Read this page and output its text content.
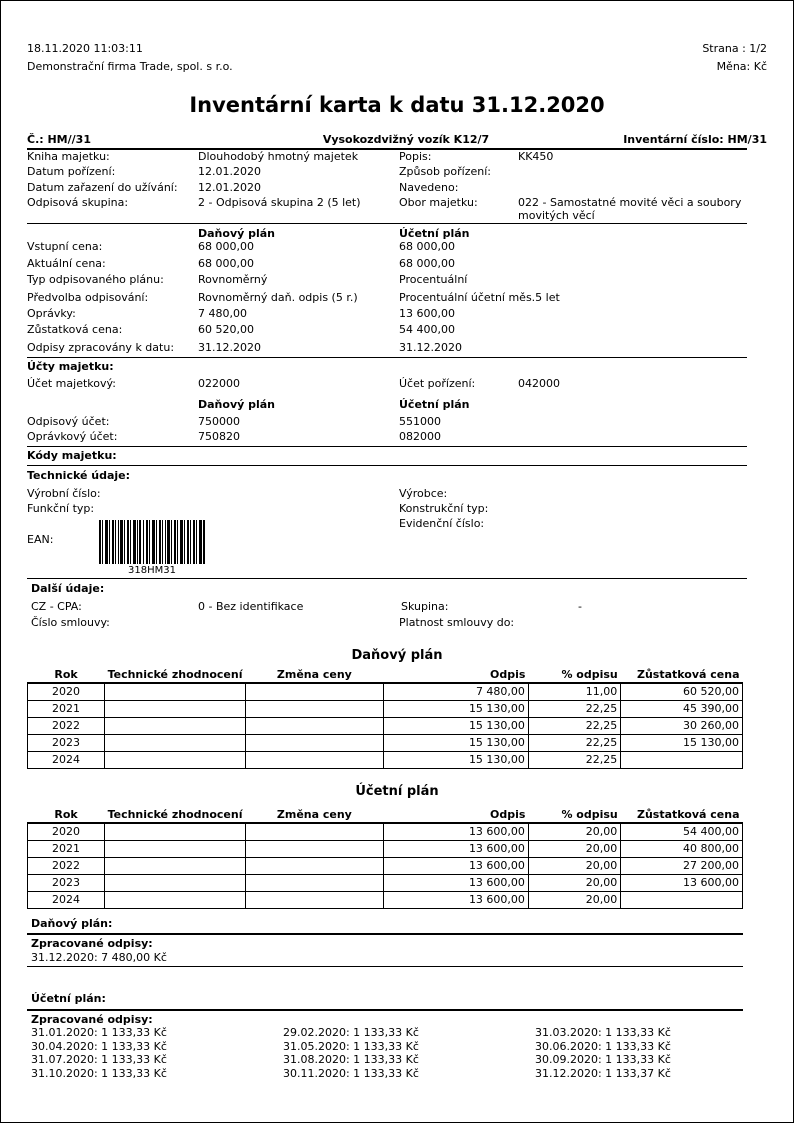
18.11.2020 11:03:11
Demonstrační firma Trade, spol. s r.o.
Strana : 1/2
Měna: Kč
Inventární karta k datu 31.12.2020
Č.: HM//31	Vysokozdvižný vozík K12/7	Inventární číslo: HM/31
Kniha majetku:	Dlouhodobý hmotný majetek	Popis:	KK450
Datum pořízení:	12.01.2020	Způsob pořízení:
Datum zařazení do užívání: 12.01.2020	Navedeno:
Odpisová skupina:	2 - Odpisová skupina 2 (5 let)	Obor majetku:	022 - Samostatné movité věci a soubory
movitých věcí
Daňový plán	Účetní plán
Vstupní cena:	68 000,00	68 000,00
Aktuální cena:	68 000,00	68 000,00
Typ odpisovaného plánu:	Rovnoměrný	Procentuální
Předvolba odpisování:	Rovnoměrný daň. odpis (5 r.)	Procentuální účetní měs.5 let
Oprávky:	7 480,00	13 600,00
Zůstatková cena:	60 520,00	54 400,00
Odpisy zpracovány k datu: 31.12.2020	31.12.2020
Účty majetku:
Účet majetkový:	022000	Účet pořízení:	042000
Daňový plán	Účetní plán
Odpisový účet:	750000	551000
Oprávkový účet:	750820	082000
Kódy majetku:
Technické údaje:
Výrobní číslo:	Výrobce:
Funkční typ:	Konstrukční typ:
Evidenční číslo:
EAN:
318HM31
Další údaje:
CZ - CPA:	0 - Bez identifikace	Skupina:	-
Číslo smlouvy:	Platnost smlouvy do:
Daňový plán
Rok	Technické zhodnocení	Změna ceny	Odpis	% odpisu	Zůstatková cena
2020			7 480,00	11,00	60 520,00
2021			15 130,00	22,25	45 390,00
2022			15 130,00	22,25	30 260,00
2023			15 130,00	22,25	15 130,00
2024			15 130,00	22,25	
Účetní plán
Rok	Technické zhodnocení	Změna ceny	Odpis	% odpisu	Zůstatková cena
2020			13 600,00	20,00	54 400,00
2021			13 600,00	20,00	40 800,00
2022			13 600,00	20,00	27 200,00
2023			13 600,00	20,00	13 600,00
2024			13 600,00	20,00	
Daňový plán:
Zpracované odpisy:
31.12.2020: 7 480,00 Kč
Účetní plán:
Zpracované odpisy:
31.01.2020: 1 133,33 Kč	29.02.2020: 1 133,33 Kč	31.03.2020: 1 133,33 Kč
30.04.2020: 1 133,33 Kč	31.05.2020: 1 133,33 Kč	30.06.2020: 1 133,33 Kč
31.07.2020: 1 133,33 Kč	31.08.2020: 1 133,33 Kč	30.09.2020: 1 133,33 Kč
31.10.2020: 1 133,33 Kč	30.11.2020: 1 133,33 Kč	31.12.2020: 1 133,37 Kč
